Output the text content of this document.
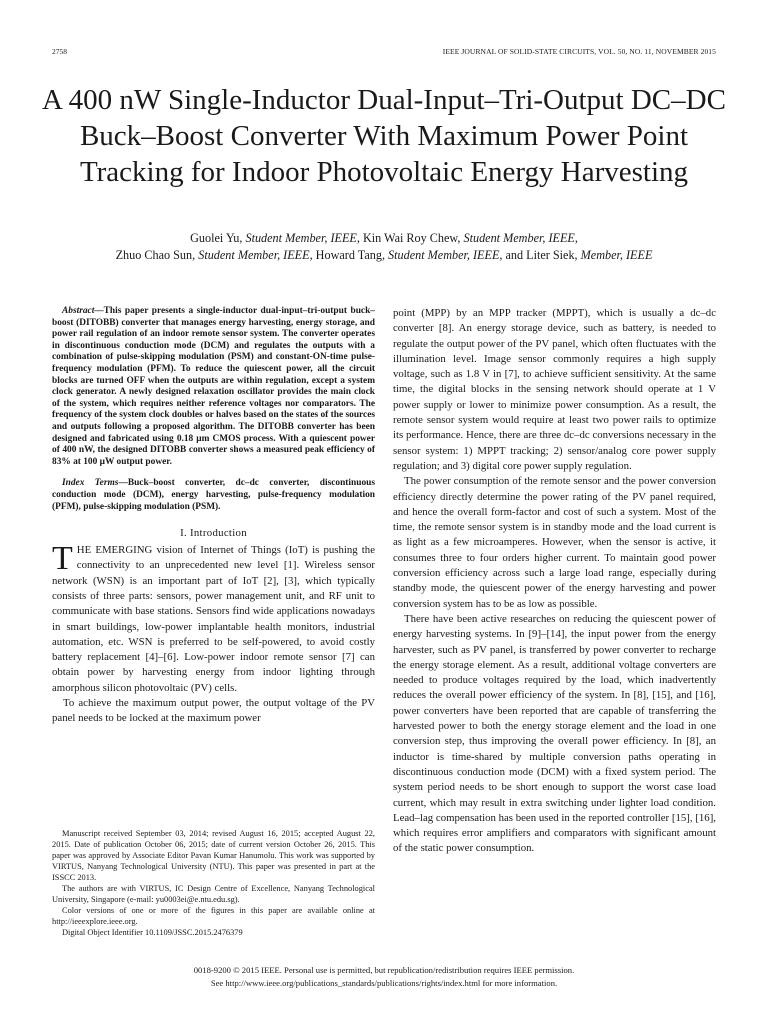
2758	IEEE JOURNAL OF SOLID-STATE CIRCUITS, VOL. 50, NO. 11, NOVEMBER 2015
A 400 nW Single-Inductor Dual-Input–Tri-Output DC–DC Buck–Boost Converter With Maximum Power Point Tracking for Indoor Photovoltaic Energy Harvesting
Guolei Yu, Student Member, IEEE, Kin Wai Roy Chew, Student Member, IEEE,
Zhuo Chao Sun, Student Member, IEEE, Howard Tang, Student Member, IEEE, and Liter Siek, Member, IEEE

Abstract—This paper presents a single-inductor dual-input–tri-output buck–boost (DITOBB) converter that manages energy harvesting, energy storage, and power rail regulation of an indoor remote sensor system. The converter operates in discontinuous conduction mode (DCM) and regulates the outputs with a combination of pulse-skipping modulation (PSM) and constant-ON-time pulse-frequency modulation (PFM). To reduce the quiescent power, all the circuit blocks are turned OFF when the outputs are within regulation, except a system clock generator. A newly designed relaxation oscillator provides the main clock of the system, which requires neither reference voltages nor comparators. The frequency of the system clock doubles or halves based on the states of the sources and outputs following a proposed algorithm. The DITOBB converter has been designed and fabricated using 0.18 μm CMOS process. With a quiescent power of 400 nW, the designed DITOBB converter shows a measured peak efficiency of 83% at 100 μW output power.

Index Terms—Buck–boost converter, dc–dc converter, discontinuous conduction mode (DCM), energy harvesting, pulse-frequency modulation (PFM), pulse-skipping modulation (PSM).

I. Introduction

THE EMERGING vision of Internet of Things (IoT) is pushing the connectivity to an unprecedented new level [1]. Wireless sensor network (WSN) is an important part of IoT [2], [3], which typically consists of three parts: sensors, power management unit, and RF unit to communicate with base stations. Sensors find wide applications nowadays in smart buildings, low-power implantable health monitors, industrial automation, etc. WSN is preferred to be self-powered, to avoid costly battery replacement [4]–[6]. Low-power indoor remote sensor [7] can obtain power by harvesting energy from indoor lighting through amorphous silicon photovoltaic (PV) cells.

To achieve the maximum output power, the output voltage of the PV panel needs to be locked at the maximum power

Manuscript received September 03, 2014; revised August 16, 2015; accepted August 22, 2015. Date of publication October 06, 2015; date of current version October 26, 2015. This paper was approved by Associate Editor Pavan Kumar Hanumolu. This work was supported by VIRTUS, Nanyang Technological University (NTU). This paper was presented in part at the ISSCC 2013.

The authors are with VIRTUS, IC Design Centre of Excellence, Nanyang Technological University, Singapore (e-mail: yu0003ei@e.ntu.edu.sg).

Color versions of one or more of the figures in this paper are available online at http://ieeexplore.ieee.org.

Digital Object Identifier 10.1109/JSSC.2015.2476379

point (MPP) by an MPP tracker (MPPT), which is usually a dc–dc converter [8]. An energy storage device, such as battery, is needed to regulate the output power of the PV panel, which often fluctuates with the illumination level. Image sensor commonly requires a high supply voltage, such as 1.8 V in [7], to achieve sufficient sensitivity. At the same time, the digital blocks in the sensing network should operate at 1 V power supply or lower to minimize power consumption. As a result, the remote sensor system would require at least two power rails to optimize its performance. Hence, there are three dc–dc conversions necessary in the sensor system: 1) MPPT tracking; 2) sensor/analog core power supply regulation; and 3) digital core power supply regulation.

The power consumption of the remote sensor and the power conversion efficiency directly determine the power rating of the PV panel required, and hence the overall form-factor and cost of such a system. Most of the time, the remote sensor system is in standby mode and the load current is as light as a few microamperes. However, when the sensor is active, it consumes three to four orders higher current. To maintain good power conversion efficiency across such a large load range, especially during standby mode, the quiescent power of the energy harvesting and power conversion system has to be as low as possible.

There have been active researches on reducing the quiescent power of energy harvesting systems. In [9]–[14], the input power from the energy harvester, such as PV panel, is transferred by power converter to recharge the energy storage element. As a result, additional voltage converters are needed to produce voltages required by the load, which inadvertently reduces the overall power efficiency of the system. In [8], [15], and [16], power converters have been reported that are capable of transferring the harvested power to both the energy storage element and the load in one conversion step, thus improving the overall power efficiency. In [8], an inductor is time-shared by multiple conversion paths operating in discontinuous conduction mode (DCM) with a fixed system period. The system period needs to be short enough to support the worst case load current, which may result in extra switching under lighter load condition. Lead–lag compensation has been used in the reported controller [15], [16], which requires error amplifiers and comparators with significant amount of the static power consumption.

0018-9200 © 2015 IEEE. Personal use is permitted, but republication/redistribution requires IEEE permission.
See http://www.ieee.org/publications_standards/publications/rights/index.html for more information.
